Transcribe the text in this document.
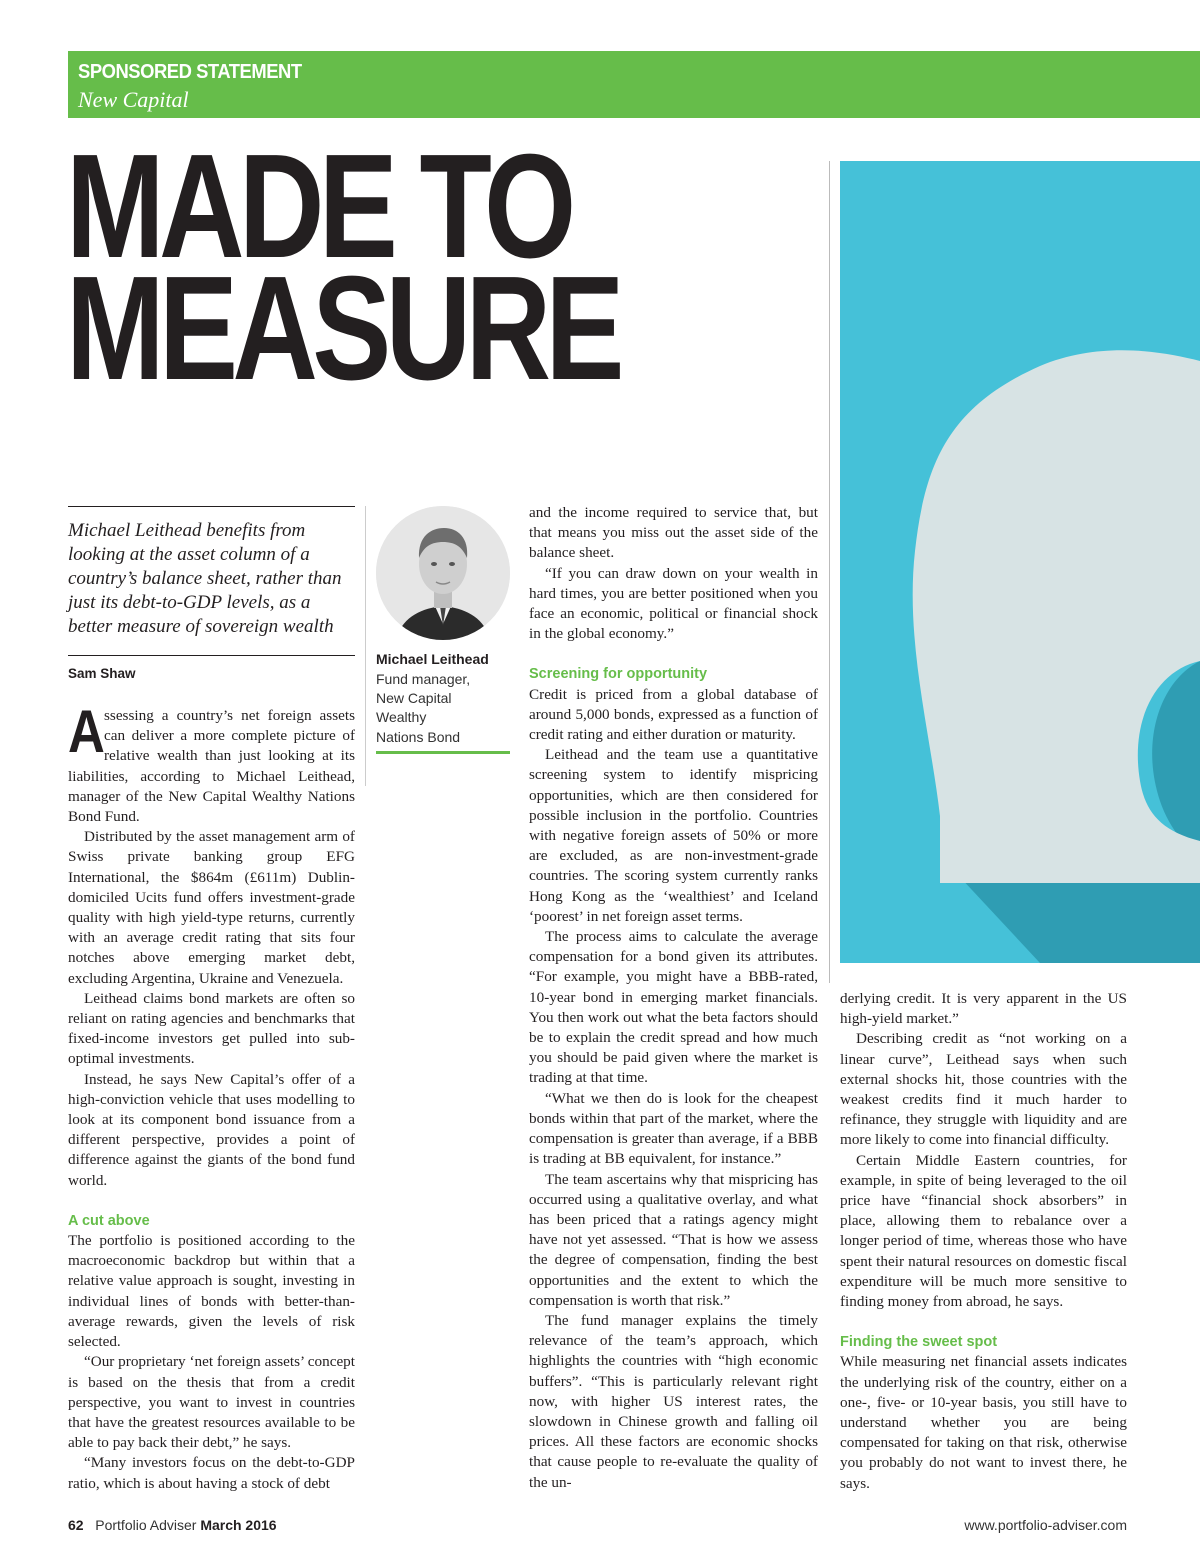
SPONSORED STATEMENT
New Capital
MADE TO
MEASURE
Michael Leithead benefits from looking at the asset column of a country’s balance sheet, rather than just its debt-to-GDP levels, as a better measure of sovereign wealth
Sam Shaw
Michael Leithead
Fund manager,
New Capital
Wealthy
Nations Bond

Assessing a country’s net foreign assets can deliver a more complete picture of relative wealth than just looking at its liabilities, according to Michael Leithead, manager of the New Capital Wealthy Nations Bond Fund.

Distributed by the asset management arm of Swiss private banking group EFG International, the $864m (£611m) Dublin-domiciled Ucits fund offers investment-grade quality with high yield-type returns, currently with an average credit rating that sits four notches above emerging market debt, excluding Argentina, Ukraine and Venezuela.

Leithead claims bond markets are often so reliant on rating agencies and benchmarks that fixed-income investors get pulled into sub-optimal investments.

Instead, he says New Capital’s offer of a high-conviction vehicle that uses modelling to look at its component bond issuance from a different perspective, provides a point of difference against the giants of the bond fund world.

A cut above

The portfolio is positioned according to the macroeconomic backdrop but within that a relative value approach is sought, investing in individual lines of bonds with better-than-average rewards, given the levels of risk selected.

“Our proprietary ‘net foreign assets’ concept is based on the thesis that from a credit perspective, you want to invest in countries that have the greatest resources available to be able to pay back their debt,” he says.

“Many investors focus on the debt-to-GDP ratio, which is about having a stock of debt

and the income required to service that, but that means you miss out the asset side of the balance sheet.

“If you can draw down on your wealth in hard times, you are better positioned when you face an economic, political or financial shock in the global economy.”

Screening for opportunity

Credit is priced from a global database of around 5,000 bonds, expressed as a function of credit rating and either duration or maturity.

Leithead and the team use a quantitative screening system to identify mispricing opportunities, which are then considered for possible inclusion in the portfolio. Countries with negative foreign assets of 50% or more are excluded, as are non-investment-grade countries. The scoring system currently ranks Hong Kong as the ‘wealthiest’ and Iceland ‘poorest’ in net foreign asset terms.

The process aims to calculate the average compensation for a bond given its attributes. “For example, you might have a BBB-rated, 10-year bond in emerging market financials. You then work out what the beta factors should be to explain the credit spread and how much you should be paid given where the market is trading at that time.

“What we then do is look for the cheapest bonds within that part of the market, where the compensation is greater than average, if a BBB is trading at BB equivalent, for instance.”

The team ascertains why that mispricing has occurred using a qualitative overlay, and what has been priced that a ratings agency might have not yet assessed. “That is how we assess the degree of compensation, finding the best opportunities and the extent to which the compensation is worth that risk.”

The fund manager explains the timely relevance of the team’s approach, which highlights the countries with “high economic buffers”. “This is particularly relevant right now, with higher US interest rates, the slowdown in Chinese growth and falling oil prices. All these factors are economic shocks that cause people to re-evaluate the quality of the un-

derlying credit. It is very apparent in the US high-yield market.”

Describing credit as “not working on a linear curve”, Leithead says when such external shocks hit, those countries with the weakest credits find it much harder to refinance, they struggle with liquidity and are more likely to come into financial difficulty.

Certain Middle Eastern countries, for example, in spite of being leveraged to the oil price have “financial shock absorbers” in place, allowing them to rebalance over a longer period of time, whereas those who have spent their natural resources on domestic fiscal expenditure will be much more sensitive to finding money from abroad, he says.

Finding the sweet spot

While measuring net financial assets indicates the underlying risk of the country, either on a one-, five- or 10-year basis, you still have to understand whether you are being compensated for taking on that risk, otherwise you probably do not want to invest there, he says.

62 Portfolio Adviser March 2016	www.portfolio-adviser.com
